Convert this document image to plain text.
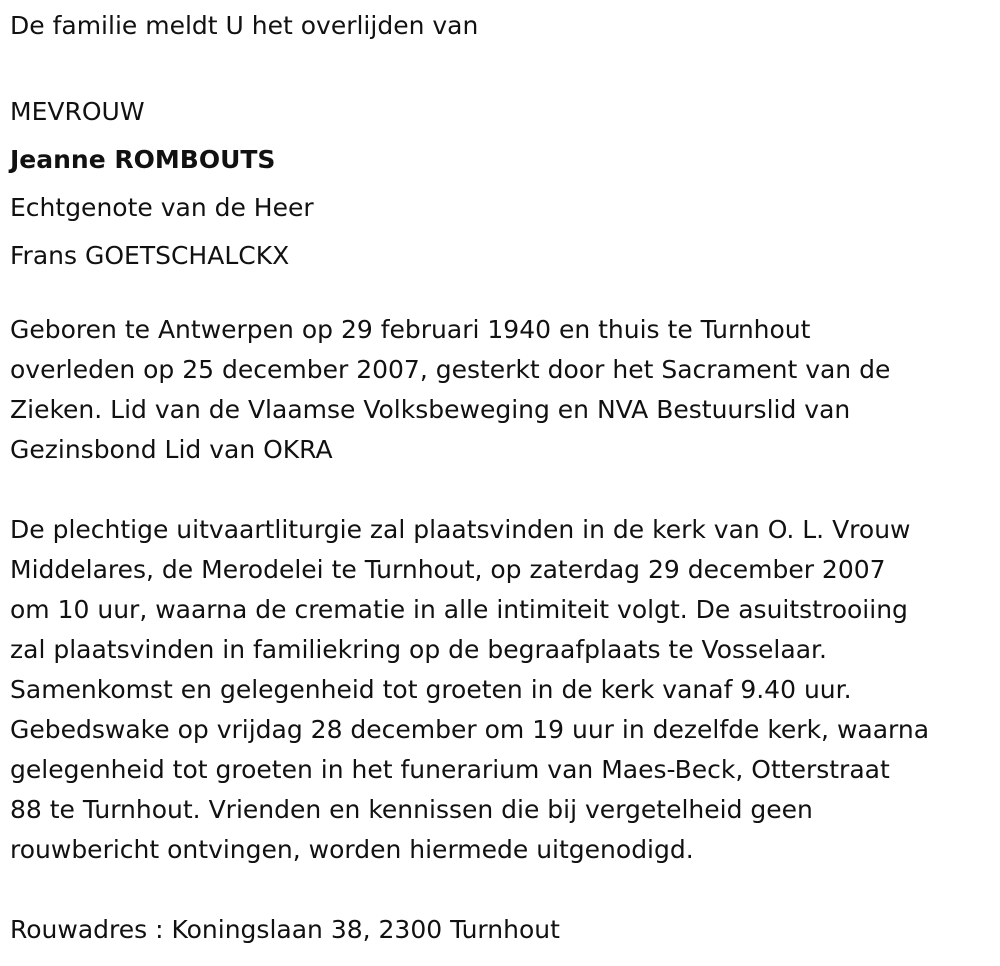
De familie meldt U het overlijden van
MEVROUW
Jeanne ROMBOUTS
Echtgenote van de Heer
Frans GOETSCHALCKX
Geboren te Antwerpen op 29 februari 1940 en thuis te Turnhout
overleden op 25 december 2007, gesterkt door het Sacrament van de
Zieken. Lid van de Vlaamse Volksbeweging en NVA Bestuurslid van
Gezinsbond Lid van OKRA
De plechtige uitvaartliturgie zal plaatsvinden in de kerk van O. L. Vrouw
Middelares, de Merodelei te Turnhout, op zaterdag 29 december 2007
om 10 uur, waarna de crematie in alle intimiteit volgt. De asuitstrooiing
zal plaatsvinden in familiekring op de begraafplaats te Vosselaar.
Samenkomst en gelegenheid tot groeten in de kerk vanaf 9.40 uur.
Gebedswake op vrijdag 28 december om 19 uur in dezelfde kerk, waarna
gelegenheid tot groeten in het funerarium van Maes-Beck, Otterstraat
88 te Turnhout. Vrienden en kennissen die bij vergetelheid geen
rouwbericht ontvingen, worden hiermede uitgenodigd.
Rouwadres : Koningslaan 38, 2300 Turnhout
